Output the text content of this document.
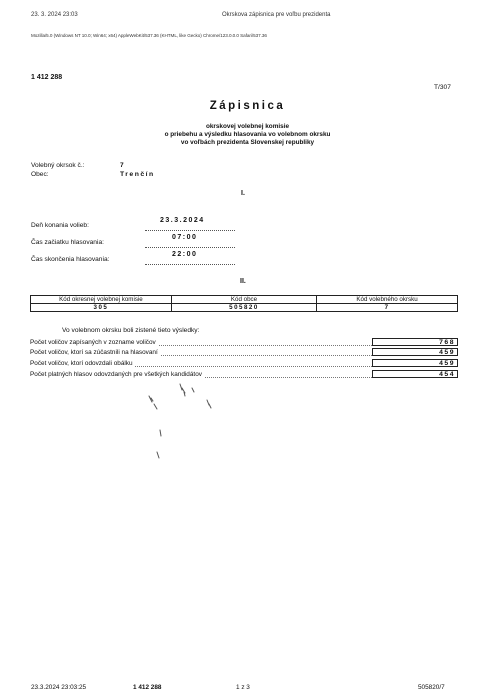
23. 3. 2024 23:03	Okrskova zápisnica pre voľbu prezidenta
Mozilla/5.0 (Windows NT 10.0; Win64; x64) AppleWebKit/537.36 (KHTML, like Gecko) Chrome/123.0.0.0 Safari/537.36
1 412 288
T/307
Zápisnica
okrskovej volebnej komisie
o priebehu a výsledku hlasovania vo volebnom okrsku
vo voľbách prezidenta Slovenskej republiky
Volebný okrsok č.:	7
Obec:	Trenčín
I.
Deň konania volieb:
23.3.2024
Čas začiatku hlasovania:
07:00
Čas skončenia hlasovania:
22:00
II.
Kód okresnej volebnej komisie	Kód obce	Kód volebného okrsku
305	505820	7
Vo volebnom okrsku boli zistené tieto výsledky:
Počet voličov zapísaných v zozname voličov	768
Počet voličov, ktorí sa zúčastnili na hlasovaní	459
Počet voličov, ktorí odovzdali obálku	459
Počet platných hlasov odovzdaných pre všetkých kandidátov	454
23.3.2024 23:03:25	1 412 288	1 z 3	505820/7
